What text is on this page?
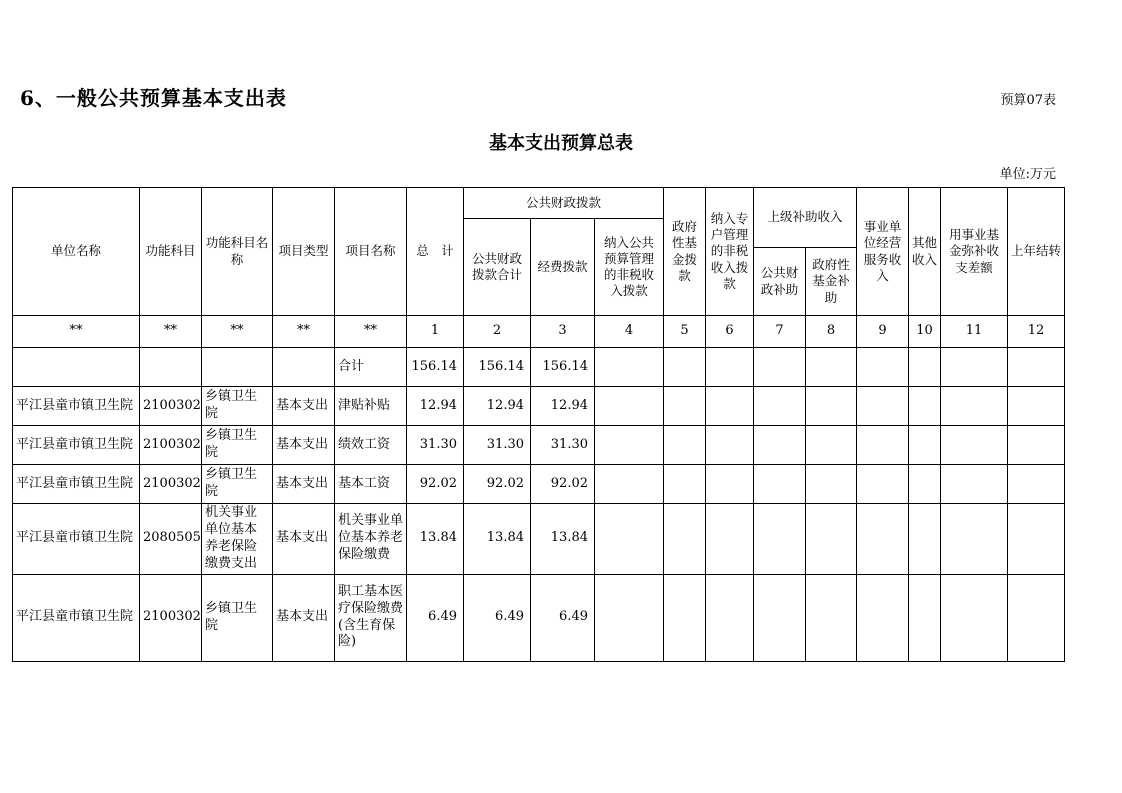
6、一般公共预算基本支出表	预算07表
基本支出预算总表
单位:万元
单位名称	功能科目	功能科目名称	项目类型	项目名称	总　计	公共财政拨款			政府性基金拨款	纳入专户管理的非税收入拨款	上级补助收入		事业单位经营服务收入	其他收入	用事业基金弥补收支差额	上年结转
						公共财政拨款合计	经费拨款	纳入公共预算管理的非税收入拨款								
											公共财政补助	政府性基金补助				
**	**	**	**	**	1	2	3	4	5	6	7	8	9	10	11	12
				合计	156.14	156.14	156.14									
平江县童市镇卫生院	2100302	乡镇卫生院	基本支出	津贴补贴	12.94	12.94	12.94									
平江县童市镇卫生院	2100302	乡镇卫生院	基本支出	绩效工资	31.30	31.30	31.30									
平江县童市镇卫生院	2100302	乡镇卫生院	基本支出	基本工资	92.02	92.02	92.02									
平江县童市镇卫生院	2080505	机关事业单位基本养老保险缴费支出	基本支出	机关事业单位基本养老保险缴费	13.84	13.84	13.84									
平江县童市镇卫生院	2100302	乡镇卫生院	基本支出	职工基本医疗保险缴费(含生育保险)	6.49	6.49	6.49									
